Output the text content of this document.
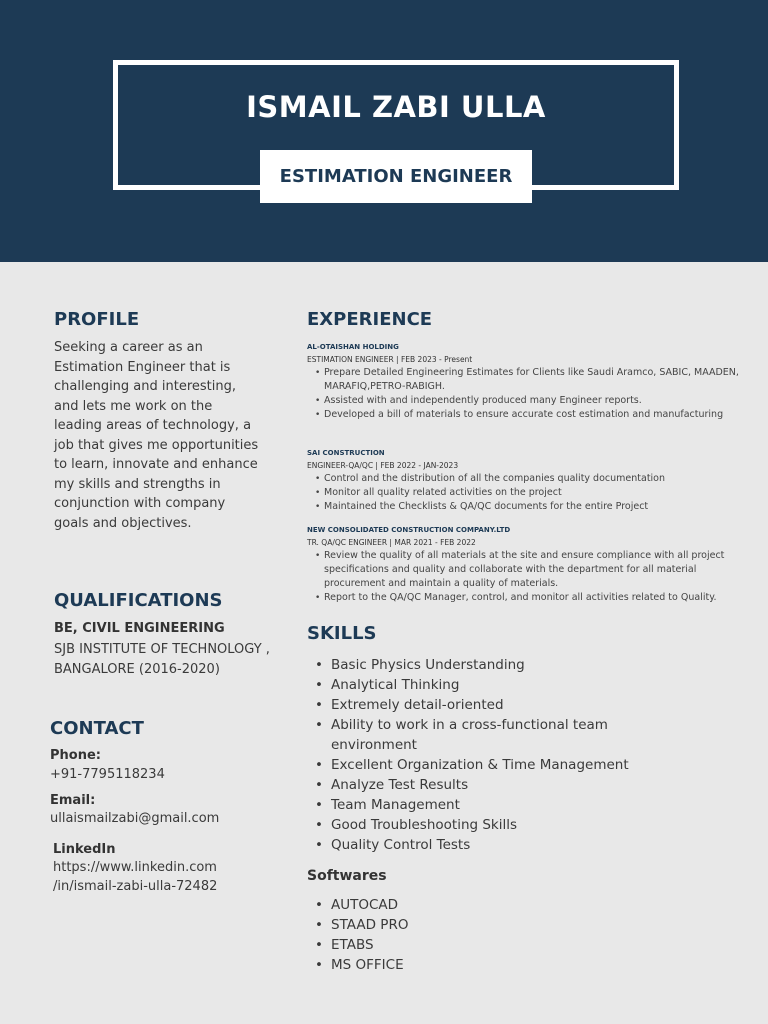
ISMAIL ZABI ULLA
ESTIMATION ENGINEER
PROFILE
Seeking a career as an Estimation Engineer that is challenging and interesting, and lets me work on the leading areas of technology, a job that gives me opportunities to learn, innovate and enhance my skills and strengths in conjunction with company goals and objectives.
QUALIFICATIONS
BE, CIVIL ENGINEERING
SJB INSTITUTE OF TECHNOLOGY , BANGALORE (2016-2020)
CONTACT
Phone:
+91-7795118234
Email:
ullaismailzabi@gmail.com
LinkedIn
https://www.linkedin.com
/in/ismail-zabi-ulla-72482
EXPERIENCE
AL-OTAISHAN HOLDING
ESTIMATION ENGINEER | FEB 2023 - Present
• Prepare Detailed Engineering Estimates for Clients like Saudi Aramco, SABIC, MAADEN, MARAFIQ,PETRO-RABIGH.
• Assisted with and independently produced many Engineer reports.
• Developed a bill of materials to ensure accurate cost estimation and manufacturing
SAI CONSTRUCTION
ENGINEER-QA/QC | FEB 2022 - JAN-2023
• Control and the distribution of all the companies quality documentation
• Monitor all quality related activities on the project
• Maintained the Checklists & QA/QC documents for the entire Project
NEW CONSOLIDATED CONSTRUCTION COMPANY.LTD
TR. QA/QC ENGINEER | MAR 2021 - FEB 2022
• Review the quality of all materials at the site and ensure compliance with all project specifications and quality and collaborate with the department for all material procurement and maintain a quality of materials.
• Report to the QA/QC Manager, control, and monitor all activities related to Quality.
SKILLS
• Basic Physics Understanding
• Analytical Thinking
• Extremely detail-oriented
• Ability to work in a cross-functional team environment
• Excellent Organization & Time Management
• Analyze Test Results
• Team Management
• Good Troubleshooting Skills
• Quality Control Tests
Softwares
• AUTOCAD
• STAAD PRO
• ETABS
• MS OFFICE
